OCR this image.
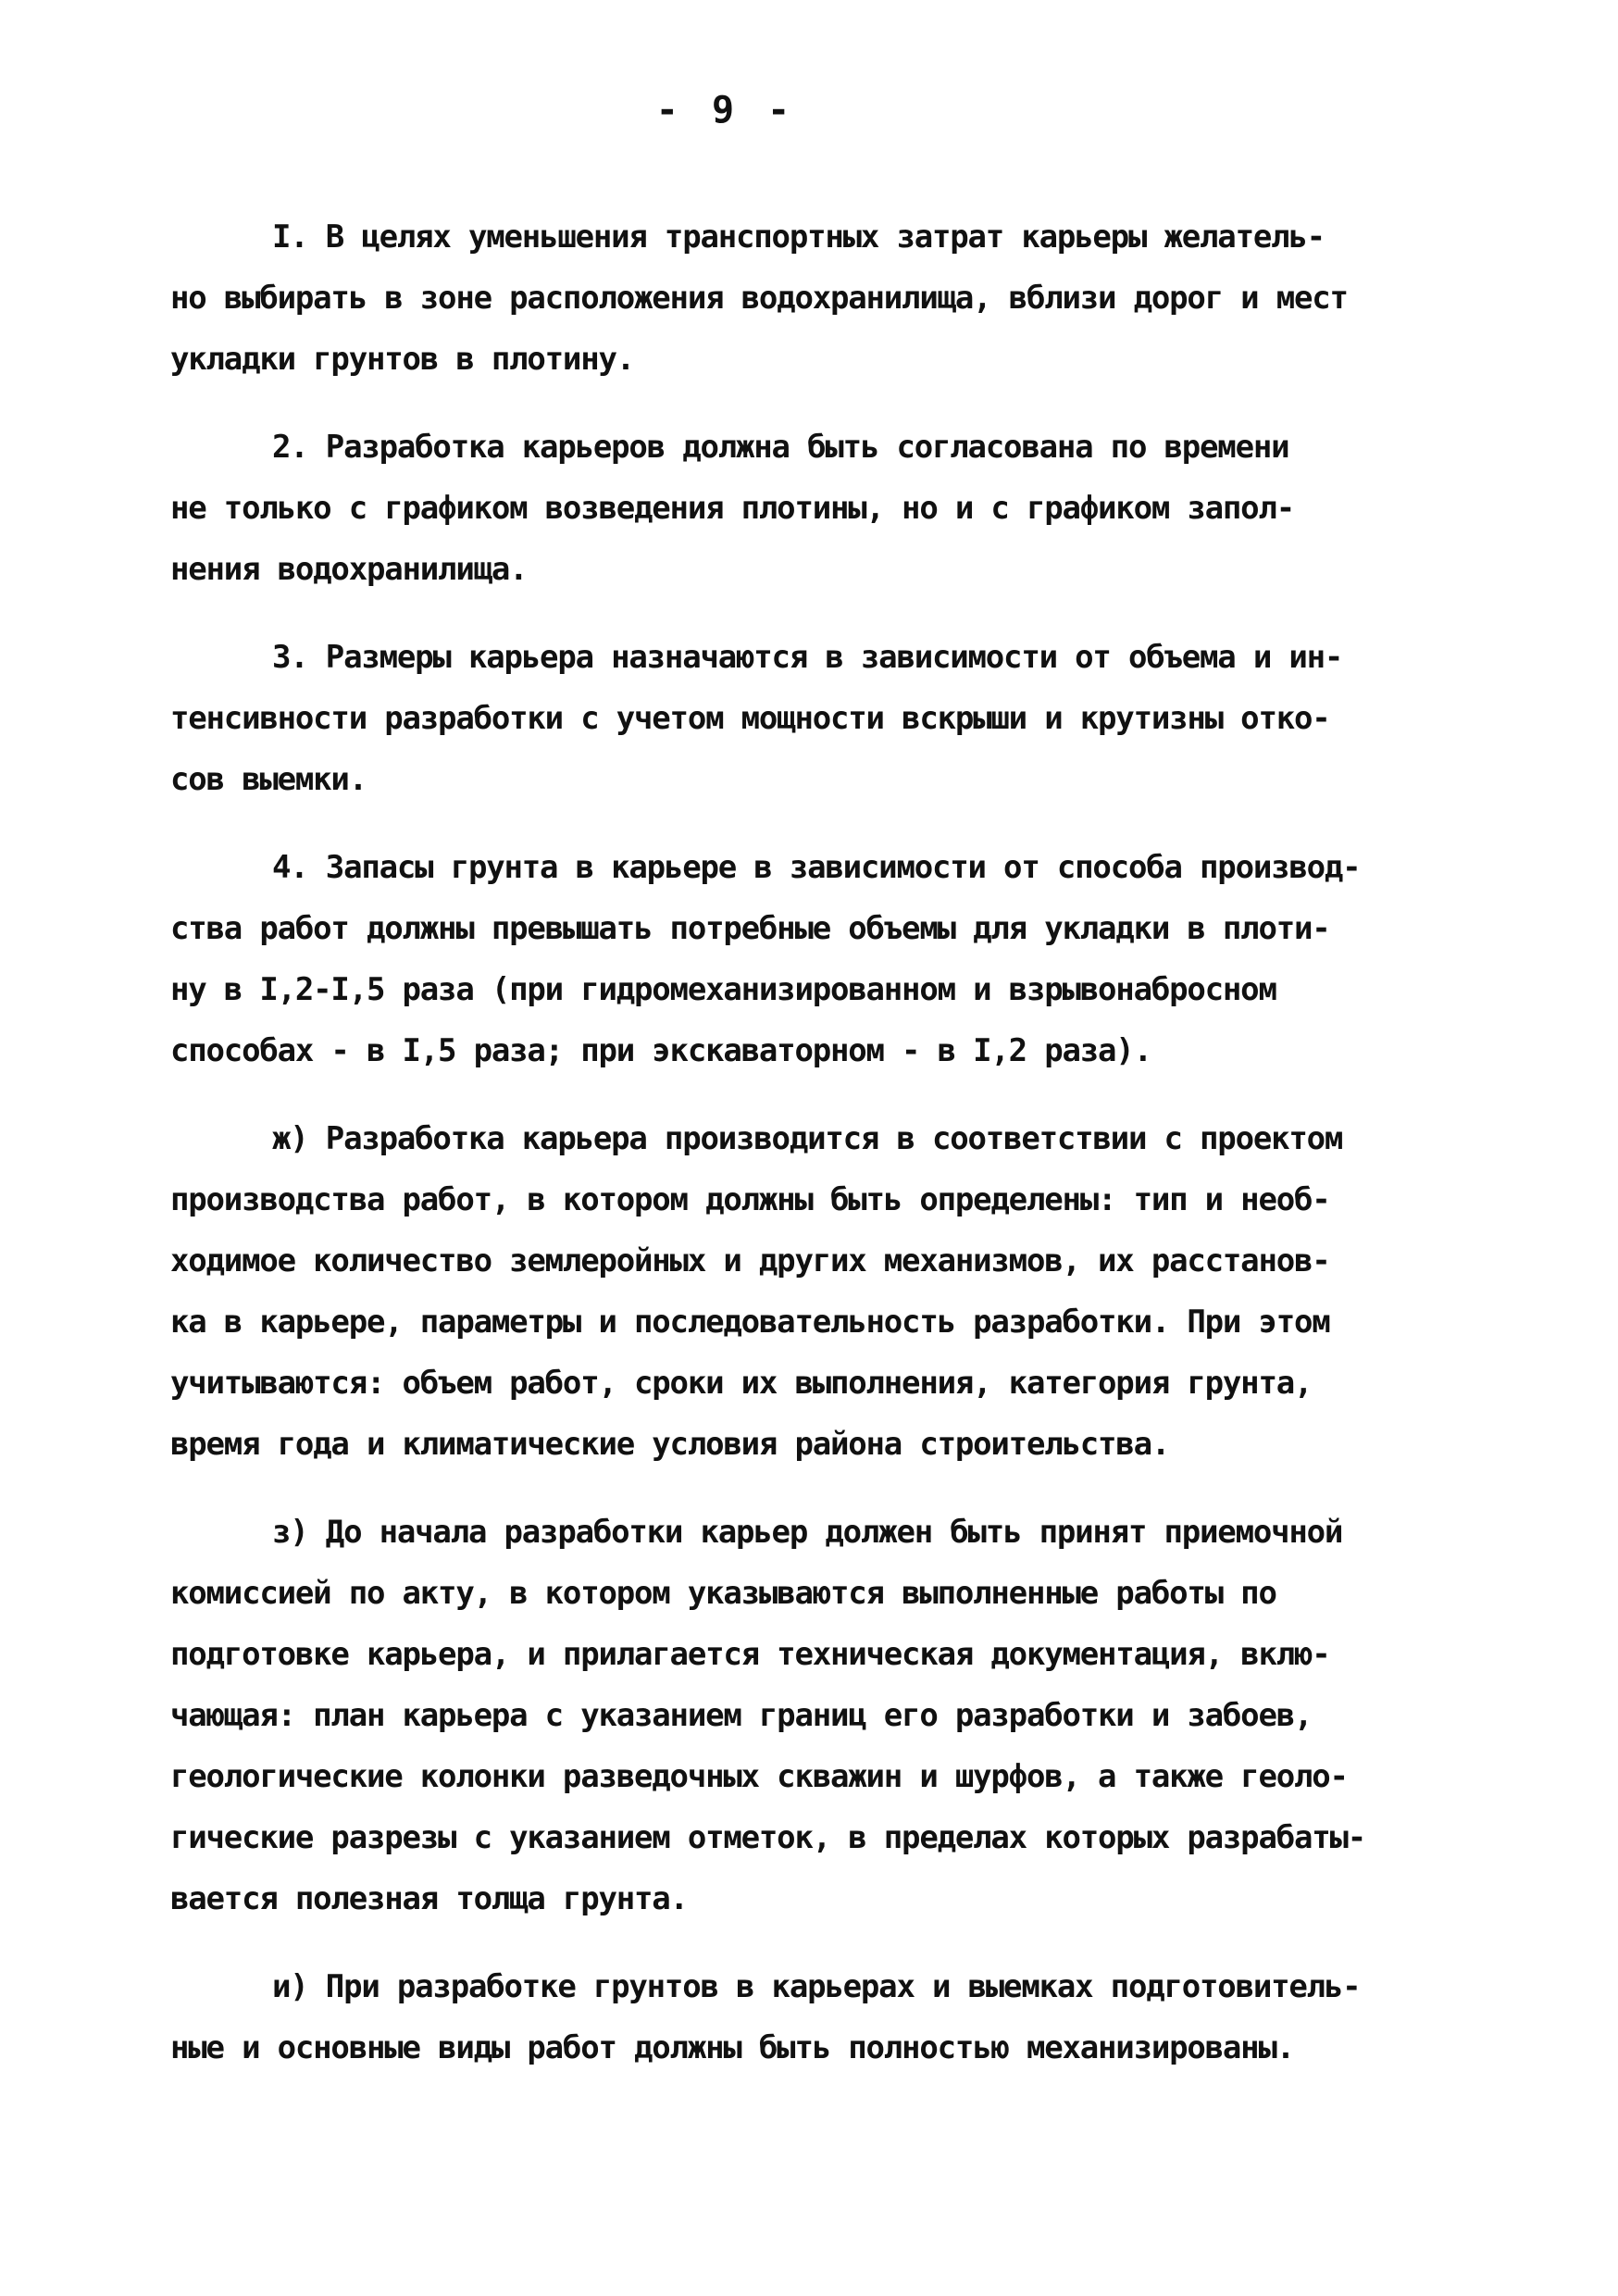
- 9 -
I. В целях уменьшения транспортных затрат карьеры желатель-
но выбирать в зоне расположения водохранилища, вблизи дорог и мест
укладки грунтов в плотину.
2. Разработка карьеров должна быть согласована по времени
не только с графиком возведения плотины, но и с графиком запол-
нения водохранилища.
3. Размеры карьера назначаются в зависимости от объема и ин-
тенсивности разработки с учетом мощности вскрыши и крутизны отко-
сов выемки.
4. Запасы грунта в карьере в зависимости от способа производ-
ства работ должны превышать потребные объемы для укладки в плоти-
ну в I,2-I,5 раза (при гидромеханизированном и взрывонабросном
способах - в I,5 раза; при экскаваторном - в I,2 раза).
ж) Разработка карьера производится в соответствии с проектом
производства работ, в котором должны быть определены: тип и необ-
ходимое количество землеройных и других механизмов, их расстанов-
ка в карьере, параметры и последовательность разработки. При этом
учитываются: объем работ, сроки их выполнения, категория грунта,
время года и климатические условия района строительства.
з) До начала разработки карьер должен быть принят приемочной
комиссией по акту, в котором указываются выполненные работы по
подготовке карьера, и прилагается техническая документация, вклю-
чающая: план карьера с указанием границ его разработки и забоев,
геологические колонки разведочных скважин и шурфов, а также геоло-
гические разрезы с указанием отметок, в пределах которых разрабаты-
вается полезная толща грунта.
и) При разработке грунтов в карьерах и выемках подготовитель-
ные и основные виды работ должны быть полностью механизированы.
